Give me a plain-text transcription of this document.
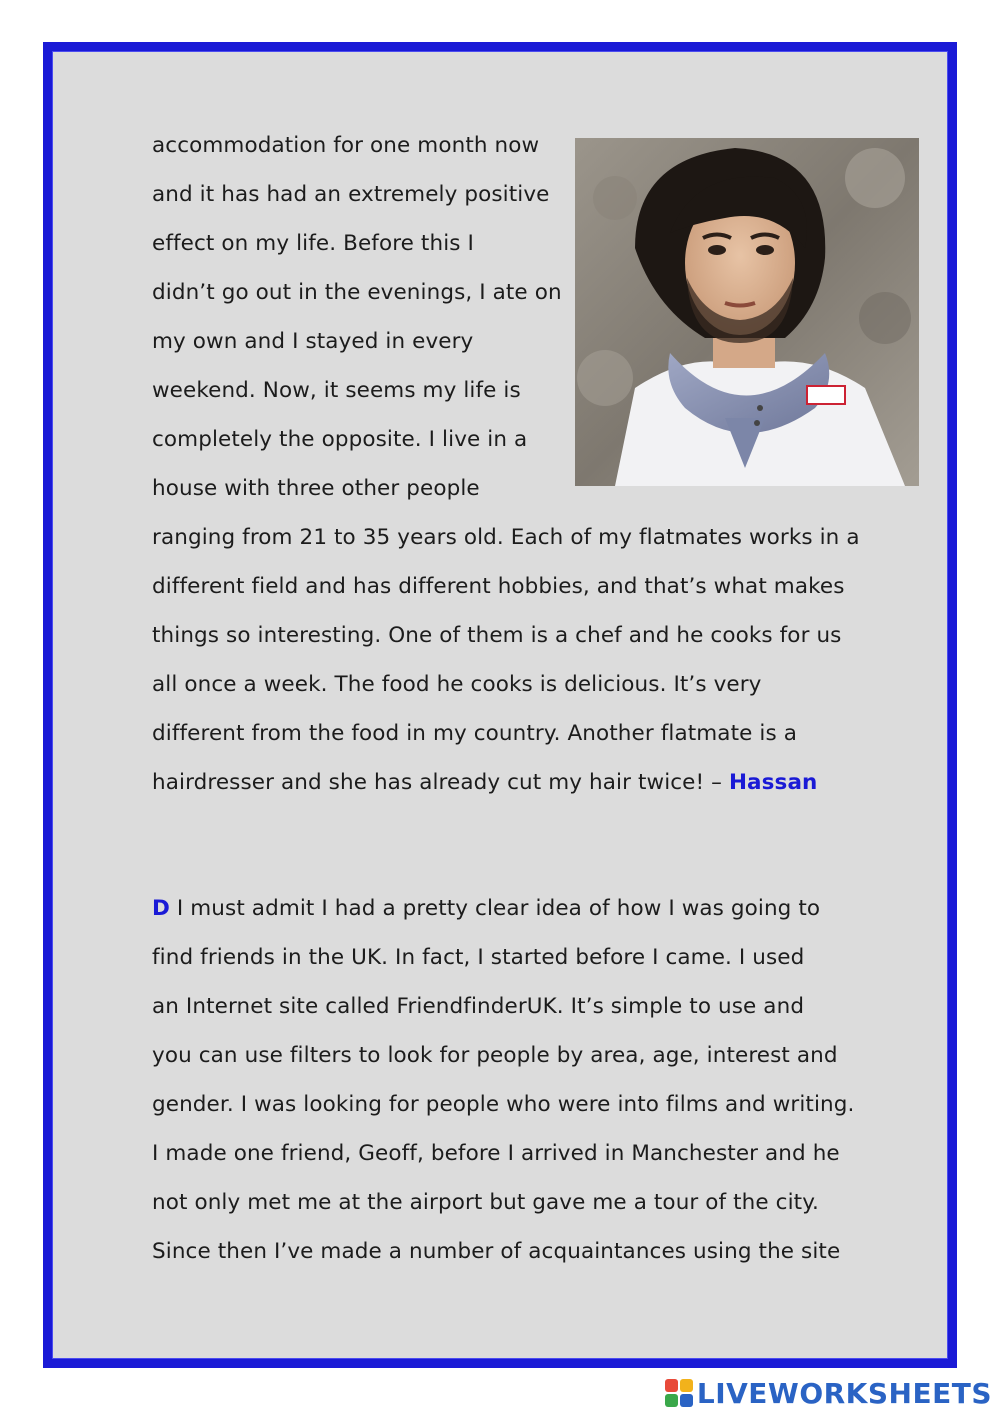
accommodation for one month now

and it has had an extremely positive

effect on my life. Before this I

didn’t go out in the evenings, I ate on

my own and I stayed in every

weekend. Now, it seems my life is

completely the opposite. I live in a

house with three other people

ranging from 21 to 35 years old. Each of my flatmates works in a

different field and has different hobbies, and that’s what makes

things so interesting. One of them is a chef and he cooks for us

all once a week. The food he cooks is delicious. It’s very

different from the food in my country. Another flatmate is a

hairdresser and she has already cut my hair twice! – Hassan

D I must admit I had a pretty clear idea of how I was going to

find friends in the UK. In fact, I started before I came. I used

an Internet site called FriendfinderUK. It’s simple to use and

you can use filters to look for people by area, age, interest and

gender. I was looking for people who were into films and writing.

I made one friend, Geoff, before I arrived in Manchester and he

not only met me at the airport but gave me a tour of the city.

Since then I’ve made a number of acquaintances using the site

LIVEWORKSHEETS
